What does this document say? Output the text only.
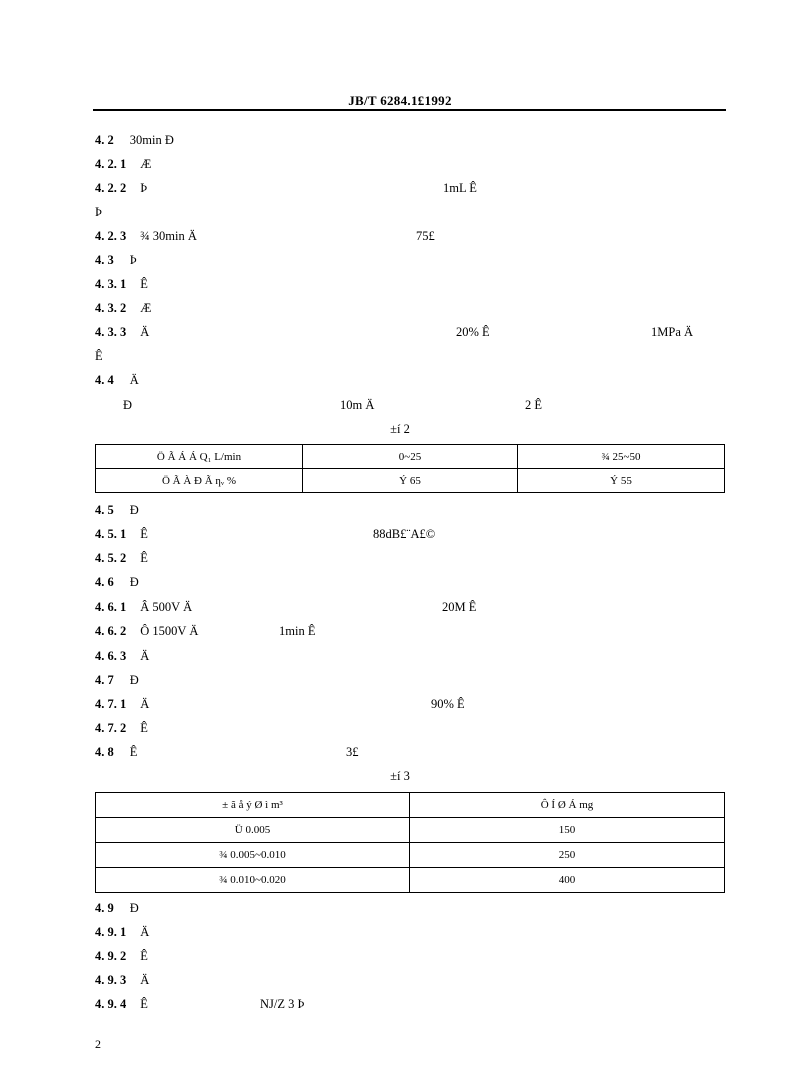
JB/T 6284.1£1992
4. 2 30min Ð
4. 2. 1 Æ
4. 2. 2 Þ	1mL Ê
Þ
4. 2. 3 ¾ 30min Ä	75£
4. 3 Þ
4. 3. 1 Ê
4. 3. 2 Æ
4. 3. 3 Ä	20% Ê	1MPa Ä
Ê
4. 4 Ä
Ð	10m Ä	2 Ê
±í 2
Ö Ã Á Á Q₁ L/min	0~25	¾ 25~50
Ö Ã À Ð Ã ƞᵥ %	Ý 65	Ý 55
4. 5 Ð
4. 5. 1 Ê	88dB£¨A£©
4. 5. 2 Ê
4. 6 Ð
4. 6. 1 Â 500V Ä	20M Ê
4. 6. 2 Ô 1500V Ä	1min Ê
4. 6. 3 Ä
4. 7 Ð
4. 7. 1 Ä	90% Ê
4. 7. 2 Ê
4. 8 Ê	3£
±í 3
± ã å ý Ø ì m³	Ô Í Ø Á mg
Ü 0.005	150
¾ 0.005~0.010	250
¾ 0.010~0.020	400
4. 9 Ð
4. 9. 1 Ä
4. 9. 2 Ê
4. 9. 3 Ä
4. 9. 4 Ê	NJ/Z 3 Þ
2
